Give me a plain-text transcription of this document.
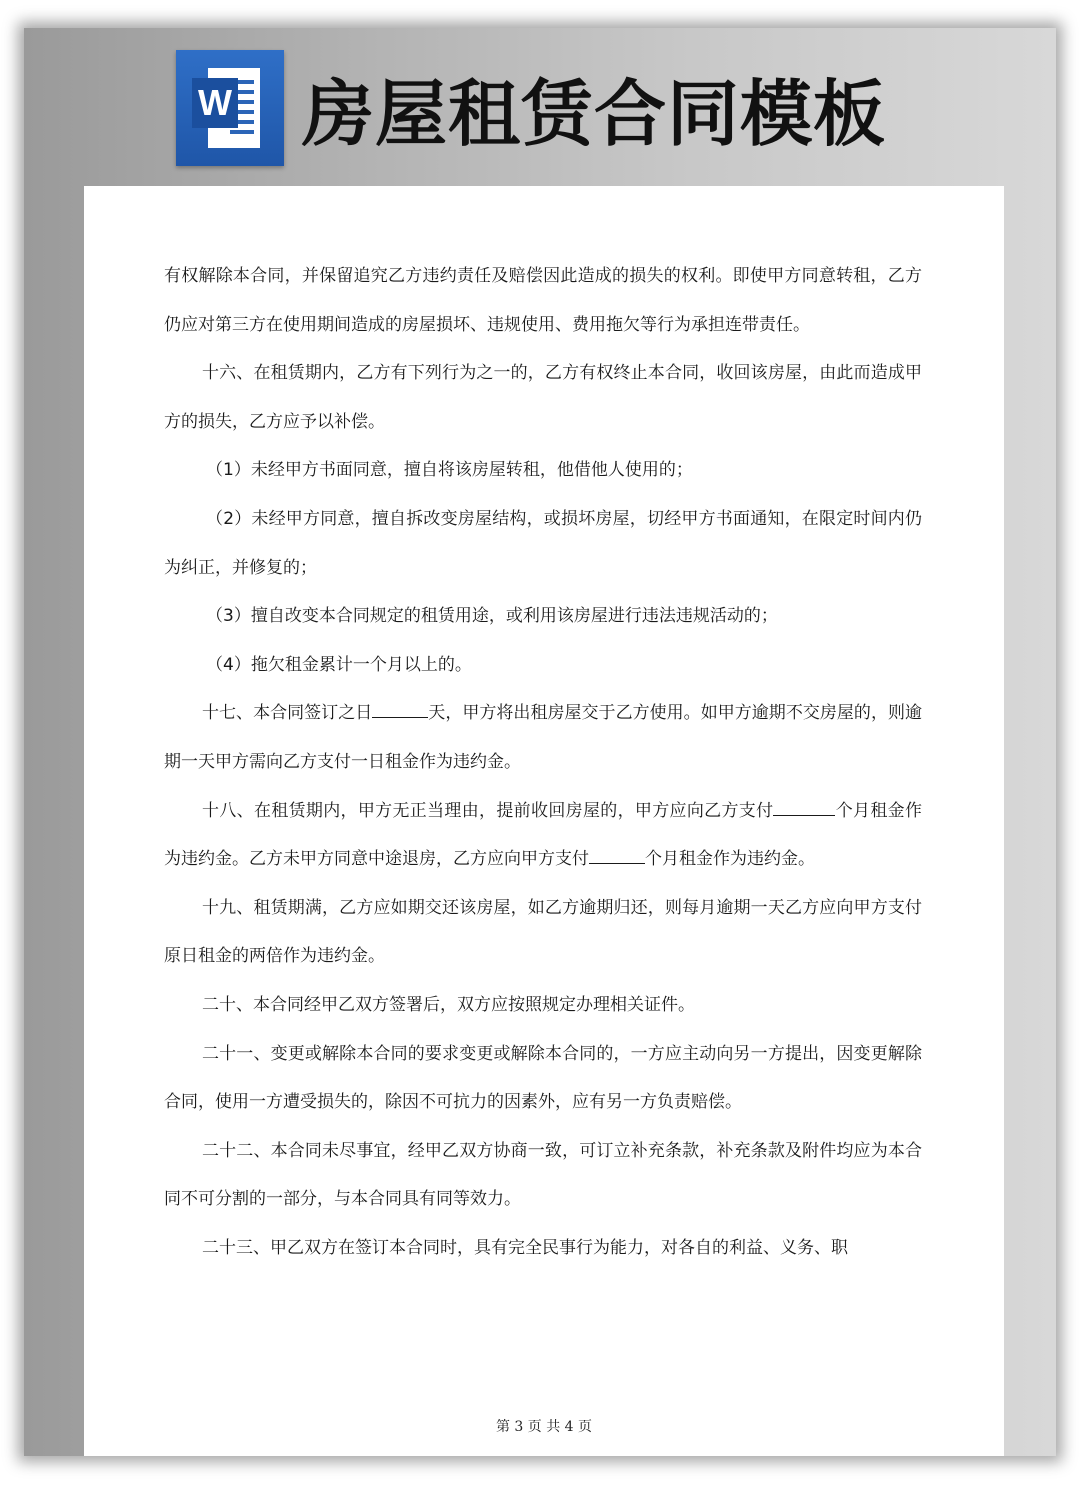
W 房屋租赁合同模板

有权解除本合同，并保留追究乙方违约责任及赔偿因此造成的损失的权利。即使甲方同意转租，乙方仍应对第三方在使用期间造成的房屋损坏、违规使用、费用拖欠等行为承担连带责任。

十六、在租赁期内，乙方有下列行为之一的，乙方有权终止本合同，收回该房屋，由此而造成甲方的损失，乙方应予以补偿。

（1）未经甲方书面同意，擅自将该房屋转租，他借他人使用的；

（2）未经甲方同意，擅自拆改变房屋结构，或损坏房屋，切经甲方书面通知，在限定时间内仍为纠正，并修复的；

（3）擅自改变本合同规定的租赁用途，或利用该房屋进行违法违规活动的；

（4）拖欠租金累计一个月以上的。

十七、本合同签订之日	天，甲方将出租房屋交于乙方使用。如甲方逾期不交房屋的，则逾期一天甲方需向乙方支付一日租金作为违约金。

十八、在租赁期内，甲方无正当理由，提前收回房屋的，甲方应向乙方支付	个月租金作为违约金。乙方未甲方同意中途退房，乙方应向甲方支付	个月租金作为违约金。

十九、租赁期满，乙方应如期交还该房屋，如乙方逾期归还，则每月逾期一天乙方应向甲方支付原日租金的两倍作为违约金。

二十、本合同经甲乙双方签署后，双方应按照规定办理相关证件。

二十一、变更或解除本合同的要求变更或解除本合同的，一方应主动向另一方提出，因变更解除合同，使用一方遭受损失的，除因不可抗力的因素外，应有另一方负责赔偿。

二十二、本合同未尽事宜，经甲乙双方协商一致，可订立补充条款，补充条款及附件均应为本合同不可分割的一部分，与本合同具有同等效力。

二十三、甲乙双方在签订本合同时，具有完全民事行为能力，对各自的利益、义务、职

第 3 页 共 4 页
